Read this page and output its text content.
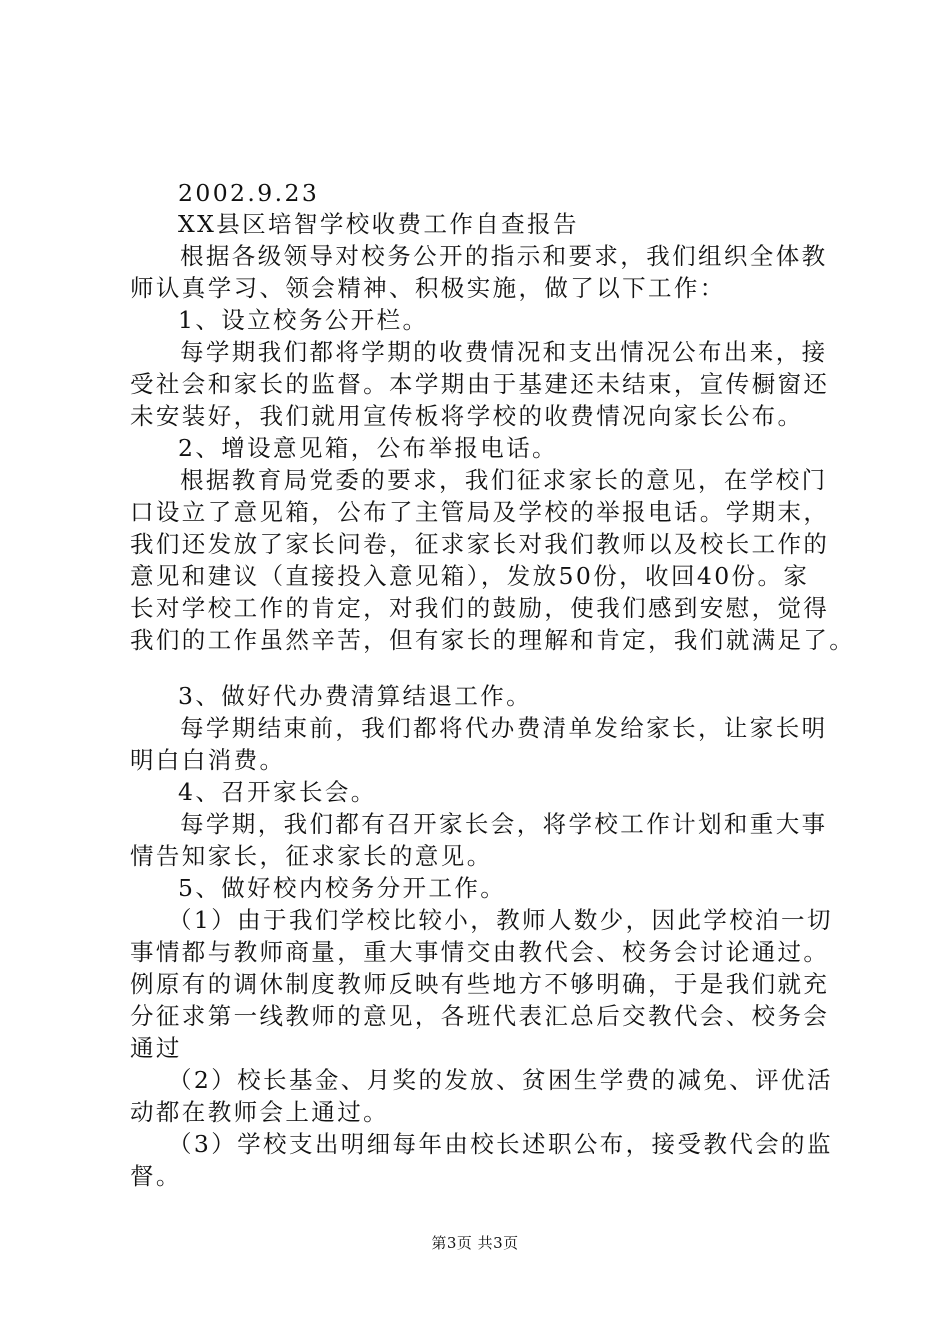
2002.9.23
XX县区培智学校收费工作自查报告
根据各级领导对校务公开的指示和要求，我们组织全体教
师认真学习、领会精神、积极实施，做了以下工作：
1、设立校务公开栏。
每学期我们都将学期的收费情况和支出情况公布出来，接
受社会和家长的监督。本学期由于基建还未结束，宣传橱窗还
未安装好，我们就用宣传板将学校的收费情况向家长公布。
2、增设意见箱，公布举报电话。
根据教育局党委的要求，我们征求家长的意见，在学校门
口设立了意见箱，公布了主管局及学校的举报电话。学期末，
我们还发放了家长问卷，征求家长对我们教师以及校长工作的
意见和建议（直接投入意见箱），发放50份，收回40份。家
长对学校工作的肯定，对我们的鼓励，使我们感到安慰，觉得
我们的工作虽然辛苦，但有家长的理解和肯定，我们就满足了。
3、做好代办费清算结退工作。
每学期结束前，我们都将代办费清单发给家长，让家长明
明白白消费。
4、召开家长会。
每学期，我们都有召开家长会，将学校工作计划和重大事
情告知家长，征求家长的意见。
5、做好校内校务分开工作。
（1）由于我们学校比较小，教师人数少，因此学校泊一切
事情都与教师商量，重大事情交由教代会、校务会讨论通过。
例原有的调休制度教师反映有些地方不够明确，于是我们就充
分征求第一线教师的意见，各班代表汇总后交教代会、校务会
通过
（2）校长基金、月奖的发放、贫困生学费的减免、评优活
动都在教师会上通过。
（3）学校支出明细每年由校长述职公布，接受教代会的监
督。
第3页 共3页
